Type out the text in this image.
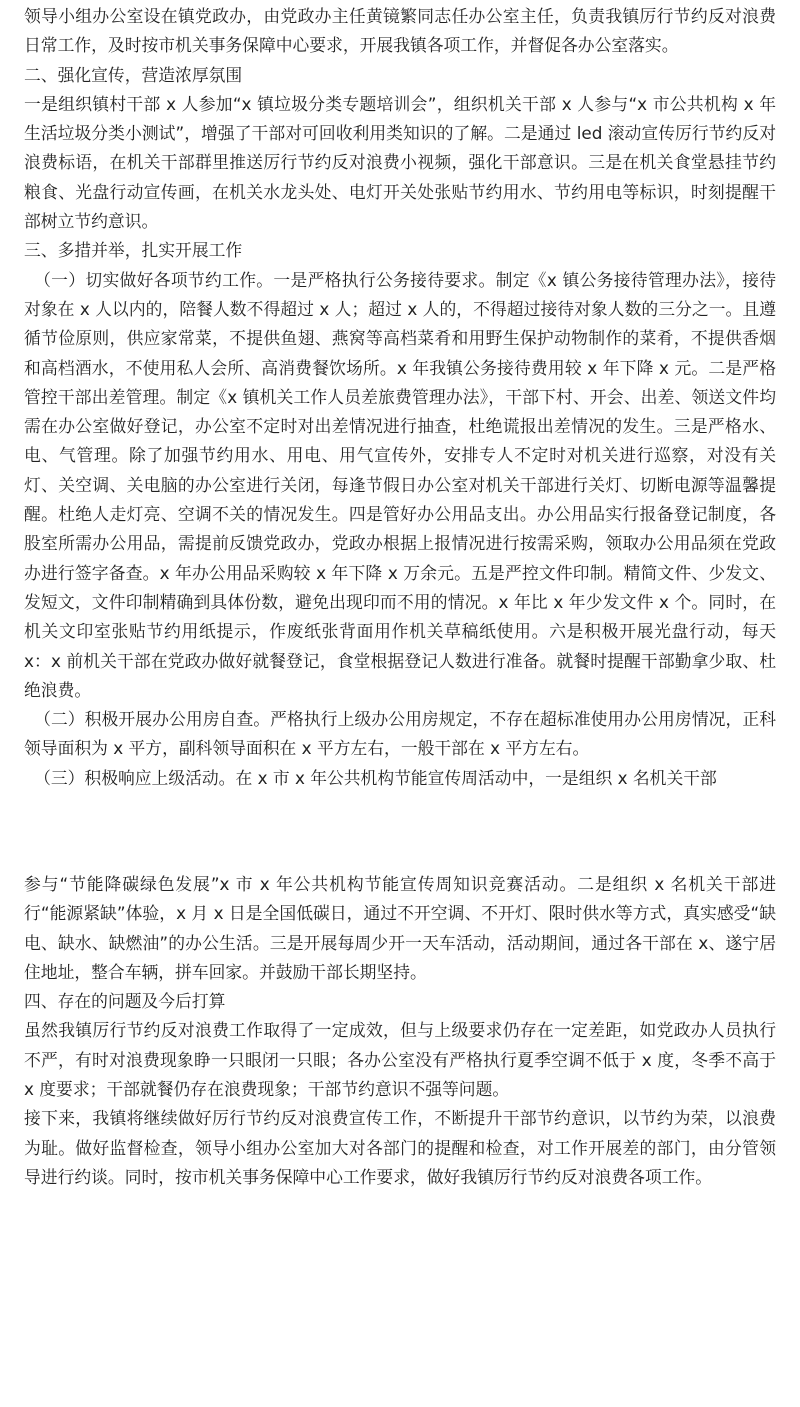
领导小组办公室设在镇党政办，由党政办主任黄镜繁同志任办公室主任，负责我镇厉行节约反对浪费日常工作，及时按市机关事务保障中心要求，开展我镇各项工作，并督促各办公室落实。

二、强化宣传，营造浓厚氛围

一是组织镇村干部 x 人参加“x 镇垃圾分类专题培训会”，组织机关干部 x 人参与“x 市公共机构 x 年生活垃圾分类小测试”，增强了干部对可回收利用类知识的了解。二是通过 led 滚动宣传厉行节约反对浪费标语，在机关干部群里推送厉行节约反对浪费小视频，强化干部意识。三是在机关食堂悬挂节约粮食、光盘行动宣传画，在机关水龙头处、电灯开关处张贴节约用水、节约用电等标识，时刻提醒干部树立节约意识。

三、多措并举，扎实开展工作

（一）切实做好各项节约工作。一是严格执行公务接待要求。制定《x 镇公务接待管理办法》，接待对象在 x 人以内的，陪餐人数不得超过 x 人；超过 x 人的，不得超过接待对象人数的三分之一。且遵循节俭原则，供应家常菜，不提供鱼翅、燕窝等高档菜肴和用野生保护动物制作的菜肴，不提供香烟和高档酒水，不使用私人会所、高消费餐饮场所。x 年我镇公务接待费用较 x 年下降 x 元。二是严格管控干部出差管理。制定《x 镇机关工作人员差旅费管理办法》，干部下村、开会、出差、领送文件均需在办公室做好登记，办公室不定时对出差情况进行抽查，杜绝谎报出差情况的发生。三是严格水、电、气管理。除了加强节约用水、用电、用气宣传外，安排专人不定时对机关进行巡察，对没有关灯、关空调、关电脑的办公室进行关闭，每逢节假日办公室对机关干部进行关灯、切断电源等温馨提醒。杜绝人走灯亮、空调不关的情况发生。四是管好办公用品支出。办公用品实行报备登记制度，各股室所需办公用品，需提前反馈党政办，党政办根据上报情况进行按需采购，领取办公用品须在党政办进行签字备查。x 年办公用品采购较 x 年下降 x 万余元。五是严控文件印制。精简文件、少发文、发短文，文件印制精确到具体份数，避免出现印而不用的情况。x 年比 x 年少发文件 x 个。同时，在机关文印室张贴节约用纸提示，作废纸张背面用作机关草稿纸使用。六是积极开展光盘行动，每天 x：x 前机关干部在党政办做好就餐登记，食堂根据登记人数进行准备。就餐时提醒干部勤拿少取、杜绝浪费。

（二）积极开展办公用房自查。严格执行上级办公用房规定，不存在超标准使用办公用房情况，正科领导面积为 x 平方，副科领导面积在 x 平方左右，一般干部在 x 平方左右。

（三）积极响应上级活动。在 x 市 x 年公共机构节能宣传周活动中，一是组织 x 名机关干部

参与“节能降碳绿色发展”x 市 x 年公共机构节能宣传周知识竞赛活动。二是组织 x 名机关干部进行“能源紧缺”体验，x 月 x 日是全国低碳日，通过不开空调、不开灯、限时供水等方式，真实感受“缺电、缺水、缺燃油”的办公生活。三是开展每周少开一天车活动，活动期间，通过各干部在 x、遂宁居住地址，整合车辆，拼车回家。并鼓励干部长期坚持。

四、存在的问题及今后打算

虽然我镇厉行节约反对浪费工作取得了一定成效，但与上级要求仍存在一定差距，如党政办人员执行不严，有时对浪费现象睁一只眼闭一只眼；各办公室没有严格执行夏季空调不低于 x 度，冬季不高于 x 度要求；干部就餐仍存在浪费现象；干部节约意识不强等问题。

接下来，我镇将继续做好厉行节约反对浪费宣传工作，不断提升干部节约意识，以节约为荣，以浪费为耻。做好监督检查，领导小组办公室加大对各部门的提醒和检查，对工作开展差的部门，由分管领导进行约谈。同时，按市机关事务保障中心工作要求，做好我镇厉行节约反对浪费各项工作。
